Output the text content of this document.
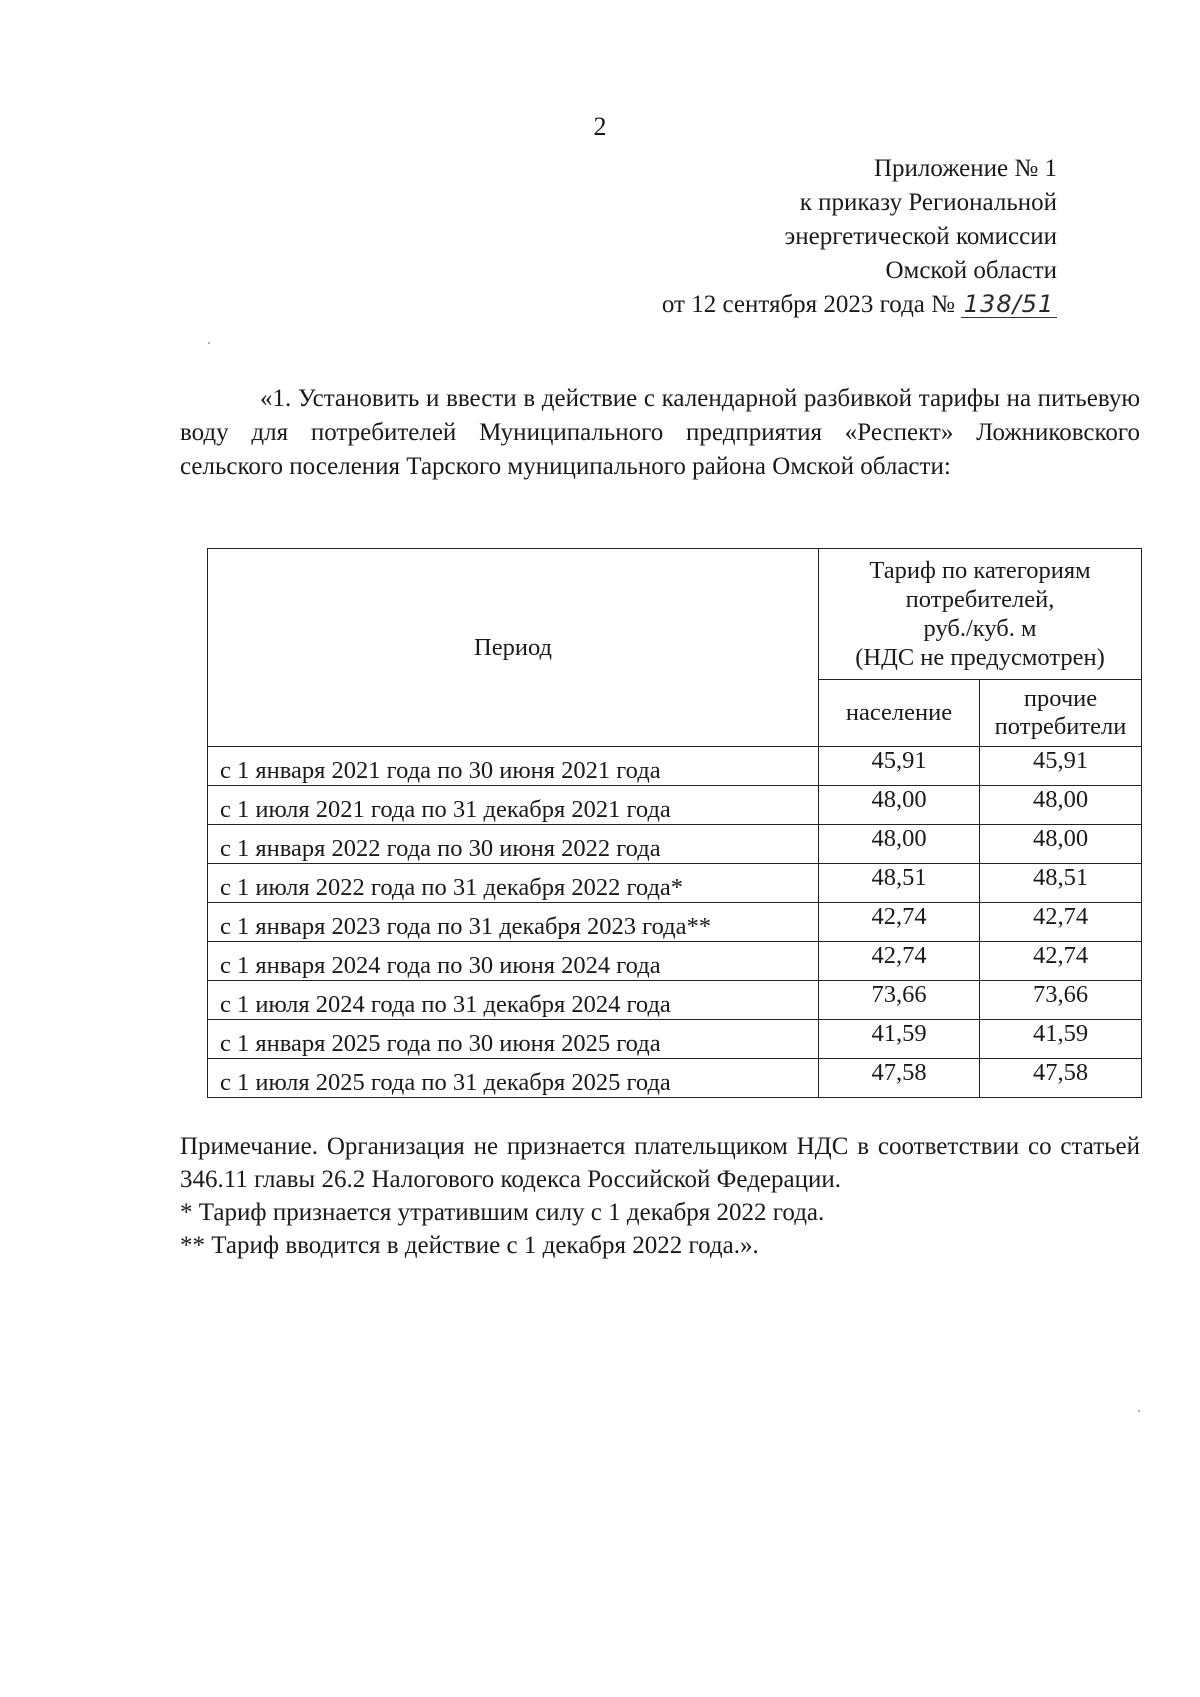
2
Приложение № 1
к приказу Региональной
энергетической комиссии
Омской области
от 12 сентября 2023 года № 138/51
«1. Установить и ввести в действие с календарной разбивкой тарифы на питьевую воду для потребителей Муниципального предприятия «Респект» Ложниковского сельского поселения Тарского муниципального района Омской области:
Период	Тариф по категориям
потребителей,
руб./куб. м
(НДС не предусмотрен)	

	население	прочие
потребители

с 1 января 2021 года по 30 июня 2021 года	45,91	45,91
с 1 июля 2021 года по 31 декабря 2021 года	48,00	48,00
с 1 января 2022 года по 30 июня 2022 года	48,00	48,00
с 1 июля 2022 года по 31 декабря 2022 года*	48,51	48,51
с 1 января 2023 года по 31 декабря 2023 года**	42,74	42,74
с 1 января 2024 года по 30 июня 2024 года	42,74	42,74
с 1 июля 2024 года по 31 декабря 2024 года	73,66	73,66
с 1 января 2025 года по 30 июня 2025 года	41,59	41,59
с 1 июля 2025 года по 31 декабря 2025 года	47,58	47,58

Примечание. Организация не признается плательщиком НДС в соответствии со статьей 346.11 главы 26.2 Налогового кодекса Российской Федерации.

* Тариф признается утратившим силу с 1 декабря 2022 года.

** Тариф вводится в действие с 1 декабря 2022 года.».
